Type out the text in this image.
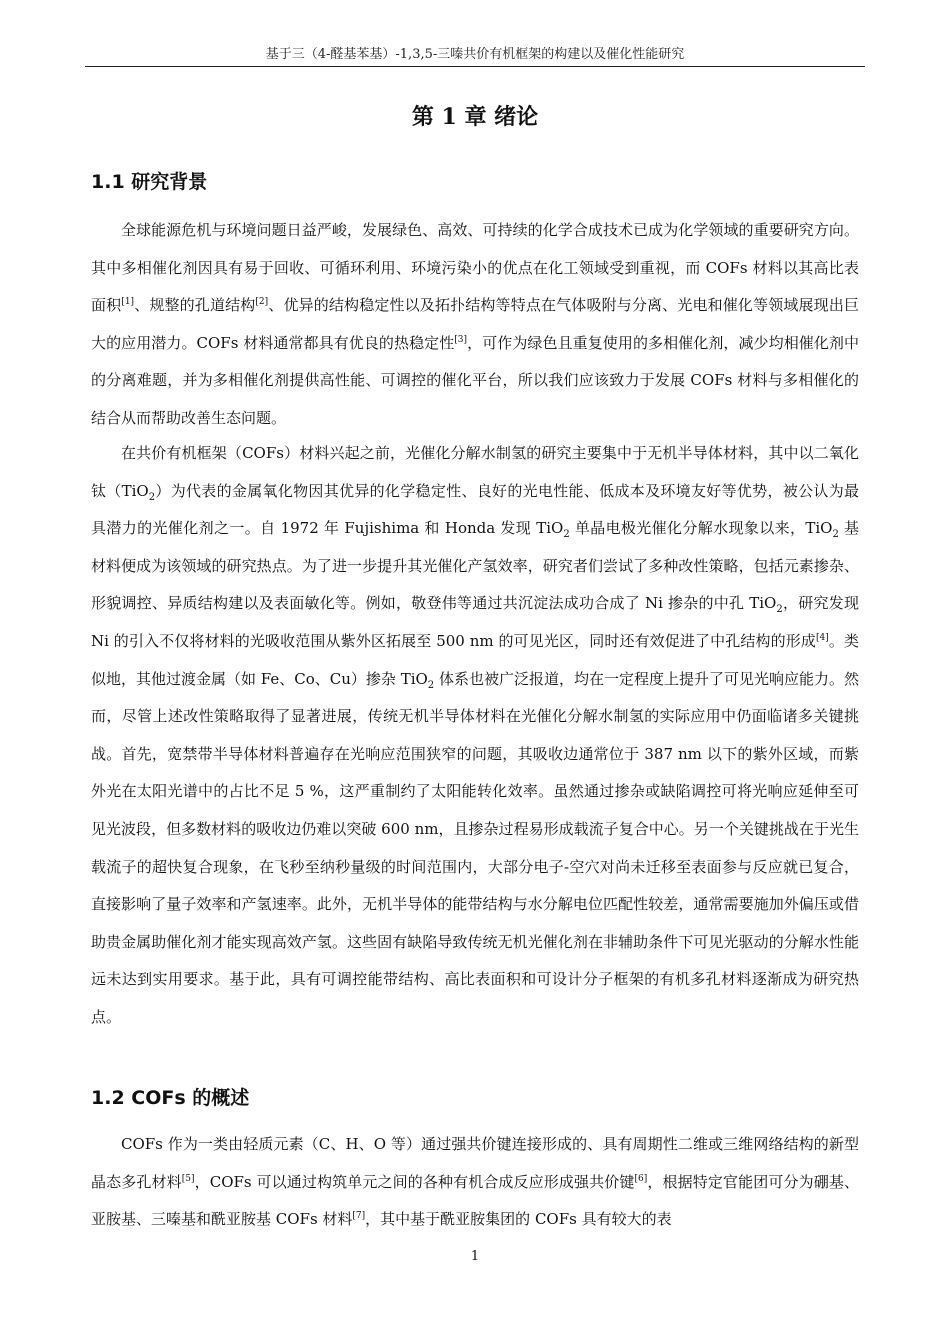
基于三（4-醛基苯基）-1,3,5-三嗪共价有机框架的构建以及催化性能研究
第 1 章 绪论
1.1 研究背景

全球能源危机与环境问题日益严峻，发展绿色、高效、可持续的化学合成技术已成为化学领域的重要研究方向。其中多相催化剂因具有易于回收、可循环利用、环境污染小的优点在化工领域受到重视，而 COFs 材料以其高比表面积[1]、规整的孔道结构[2]、优异的结构稳定性以及拓扑结构等特点在气体吸附与分离、光电和催化等领域展现出巨大的应用潜力。COFs 材料通常都具有优良的热稳定性[3]，可作为绿色且重复使用的多相催化剂，减少均相催化剂中的分离难题，并为多相催化剂提供高性能、可调控的催化平台，所以我们应该致力于发展 COFs 材料与多相催化的结合从而帮助改善生态问题。

在共价有机框架（COFs）材料兴起之前，光催化分解水制氢的研究主要集中于无机半导体材料，其中以二氧化钛（TiO$_2$）为代表的金属氧化物因其优异的化学稳定性、良好的光电性能、低成本及环境友好等优势，被公认为最具潜力的光催化剂之一。自 1972 年 Fujishima 和 Honda 发现 TiO$_2$ 单晶电极光催化分解水现象以来，TiO$_2$ 基材料便成为该领域的研究热点。为了进一步提升其光催化产氢效率，研究者们尝试了多种改性策略，包括元素掺杂、形貌调控、异质结构建以及表面敏化等。例如，敬登伟等通过共沉淀法成功合成了 Ni 掺杂的中孔 TiO$_2$，研究发现 Ni 的引入不仅将材料的光吸收范围从紫外区拓展至 500 nm 的可见光区，同时还有效促进了中孔结构的形成[4]。类似地，其他过渡金属（如 Fe、Co、Cu）掺杂 TiO$_2$ 体系也被广泛报道，均在一定程度上提升了可见光响应能力。然而，尽管上述改性策略取得了显著进展，传统无机半导体材料在光催化分解水制氢的实际应用中仍面临诸多关键挑战。首先，宽禁带半导体材料普遍存在光响应范围狭窄的问题，其吸收边通常位于 387 nm 以下的紫外区域，而紫外光在太阳光谱中的占比不足 5 %，这严重制约了太阳能转化效率。虽然通过掺杂或缺陷调控可将光响应延伸至可见光波段，但多数材料的吸收边仍难以突破 600 nm，且掺杂过程易形成载流子复合中心。另一个关键挑战在于光生载流子的超快复合现象，在飞秒至纳秒量级的时间范围内，大部分电子-空穴对尚未迁移至表面参与反应就已复合，直接影响了量子效率和产氢速率。此外，无机半导体的能带结构与水分解电位匹配性较差，通常需要施加外偏压或借助贵金属助催化剂才能实现高效产氢。这些固有缺陷导致传统无机光催化剂在非辅助条件下可见光驱动的分解水性能远未达到实用要求。基于此，具有可调控能带结构、高比表面积和可设计分子框架的有机多孔材料逐渐成为研究热点。

1.2 COFs 的概述

COFs 作为一类由轻质元素（C、H、O 等）通过强共价键连接形成的、具有周期性二维或三维网络结构的新型晶态多孔材料[5]，COFs 可以通过构筑单元之间的各种有机合成反应形成强共价键[6]，根据特定官能团可分为硼基、亚胺基、三嗪基和酰亚胺基 COFs 材料[7]，其中基于酰亚胺集团的 COFs 具有较大的表

1
